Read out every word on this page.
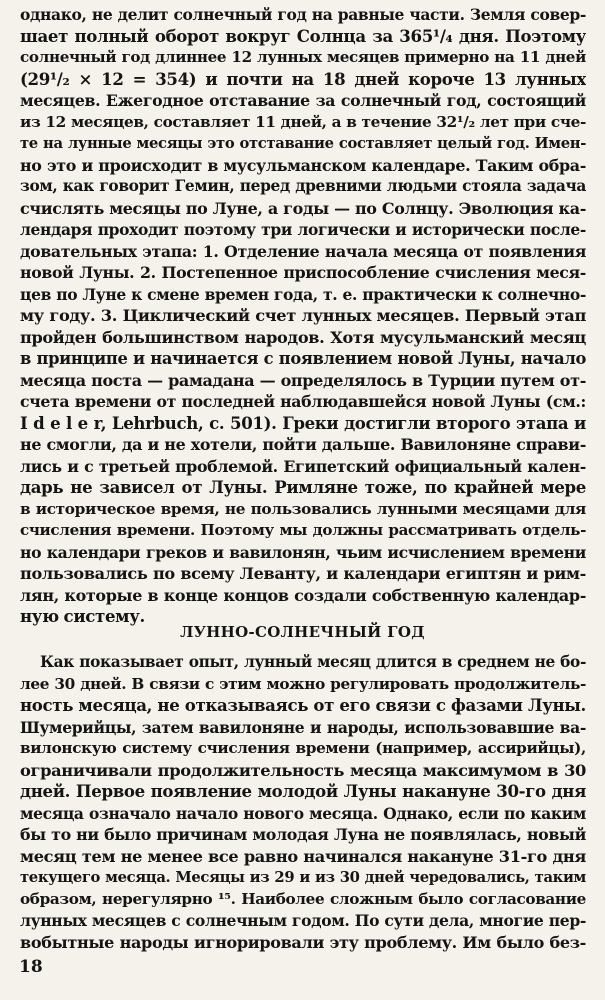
однако, не делит солнечный год на равные части. Земля совер-
шает полный оборот вокруг Солнца за 365¹/₄ дня. Поэтому
солнечный год длиннее 12 лунных месяцев примерно на 11 дней
(29¹/₂ × 12 = 354) и почти на 18 дней короче 13 лунных
месяцев. Ежегодное отставание за солнечный год, состоящий
из 12 месяцев, составляет 11 дней, а в течение 32¹/₂ лет при сче-
те на лунные месяцы это отставание составляет целый год. Имен-
но это и происходит в мусульманском календаре. Таким обра-
зом, как говорит Гемин, перед древними людьми стояла задача
счислять месяцы по Луне, а годы — по Солнцу. Эволюция ка-
лендаря проходит поэтому три логически и исторически после-
довательных этапа: 1. Отделение начала месяца от появления
новой Луны. 2. Постепенное приспособление счисления меся-
цев по Луне к смене времен года, т. е. практически к солнечно-
му году. 3. Циклический счет лунных месяцев. Первый этап
пройден большинством народов. Хотя мусульманский месяц
в принципе и начинается с появлением новой Луны, начало
месяца поста — рамадана — определялось в Турции путем от-
счета времени от последней наблюдавшейся новой Луны (см.:
I d e l e r, Lehrbuch, с. 501). Греки достигли второго этапа и
не смогли, да и не хотели, пойти дальше. Вавилоняне справи-
лись и с третьей проблемой. Египетский официальный кален-
дарь не зависел от Луны. Римляне тоже, по крайней мере
в историческое время, не пользовались лунными месяцами для
счисления времени. Поэтому мы должны рассматривать отдель-
но календари греков и вавилонян, чьим исчислением времени
пользовались по всему Леванту, и календари египтян и рим-
лян, которые в конце концов создали собственную календар-
ную систему.
ЛУННО-СОЛНЕЧНЫЙ ГОД
Как показывает опыт, лунный месяц длится в среднем не бо-
лее 30 дней. В связи с этим можно регулировать продолжитель-
ность месяца, не отказываясь от его связи с фазами Луны.
Шумерийцы, затем вавилоняне и народы, использовавшие ва-
вилонскую систему счисления времени (например, ассирийцы),
ограничивали продолжительность месяца максимумом в 30
дней. Первое появление молодой Луны накануне 30-го дня
месяца означало начало нового месяца. Однако, если по каким
бы то ни было причинам молодая Луна не появлялась, новый
месяц тем не менее все равно начинался накануне 31-го дня
текущего месяца. Месяцы из 29 и из 30 дней чередовались, таким
образом, нерегулярно ¹⁵. Наиболее сложным было согласование
лунных месяцев с солнечным годом. По сути дела, многие пер-
вобытные народы игнорировали эту проблему. Им было без-
18
